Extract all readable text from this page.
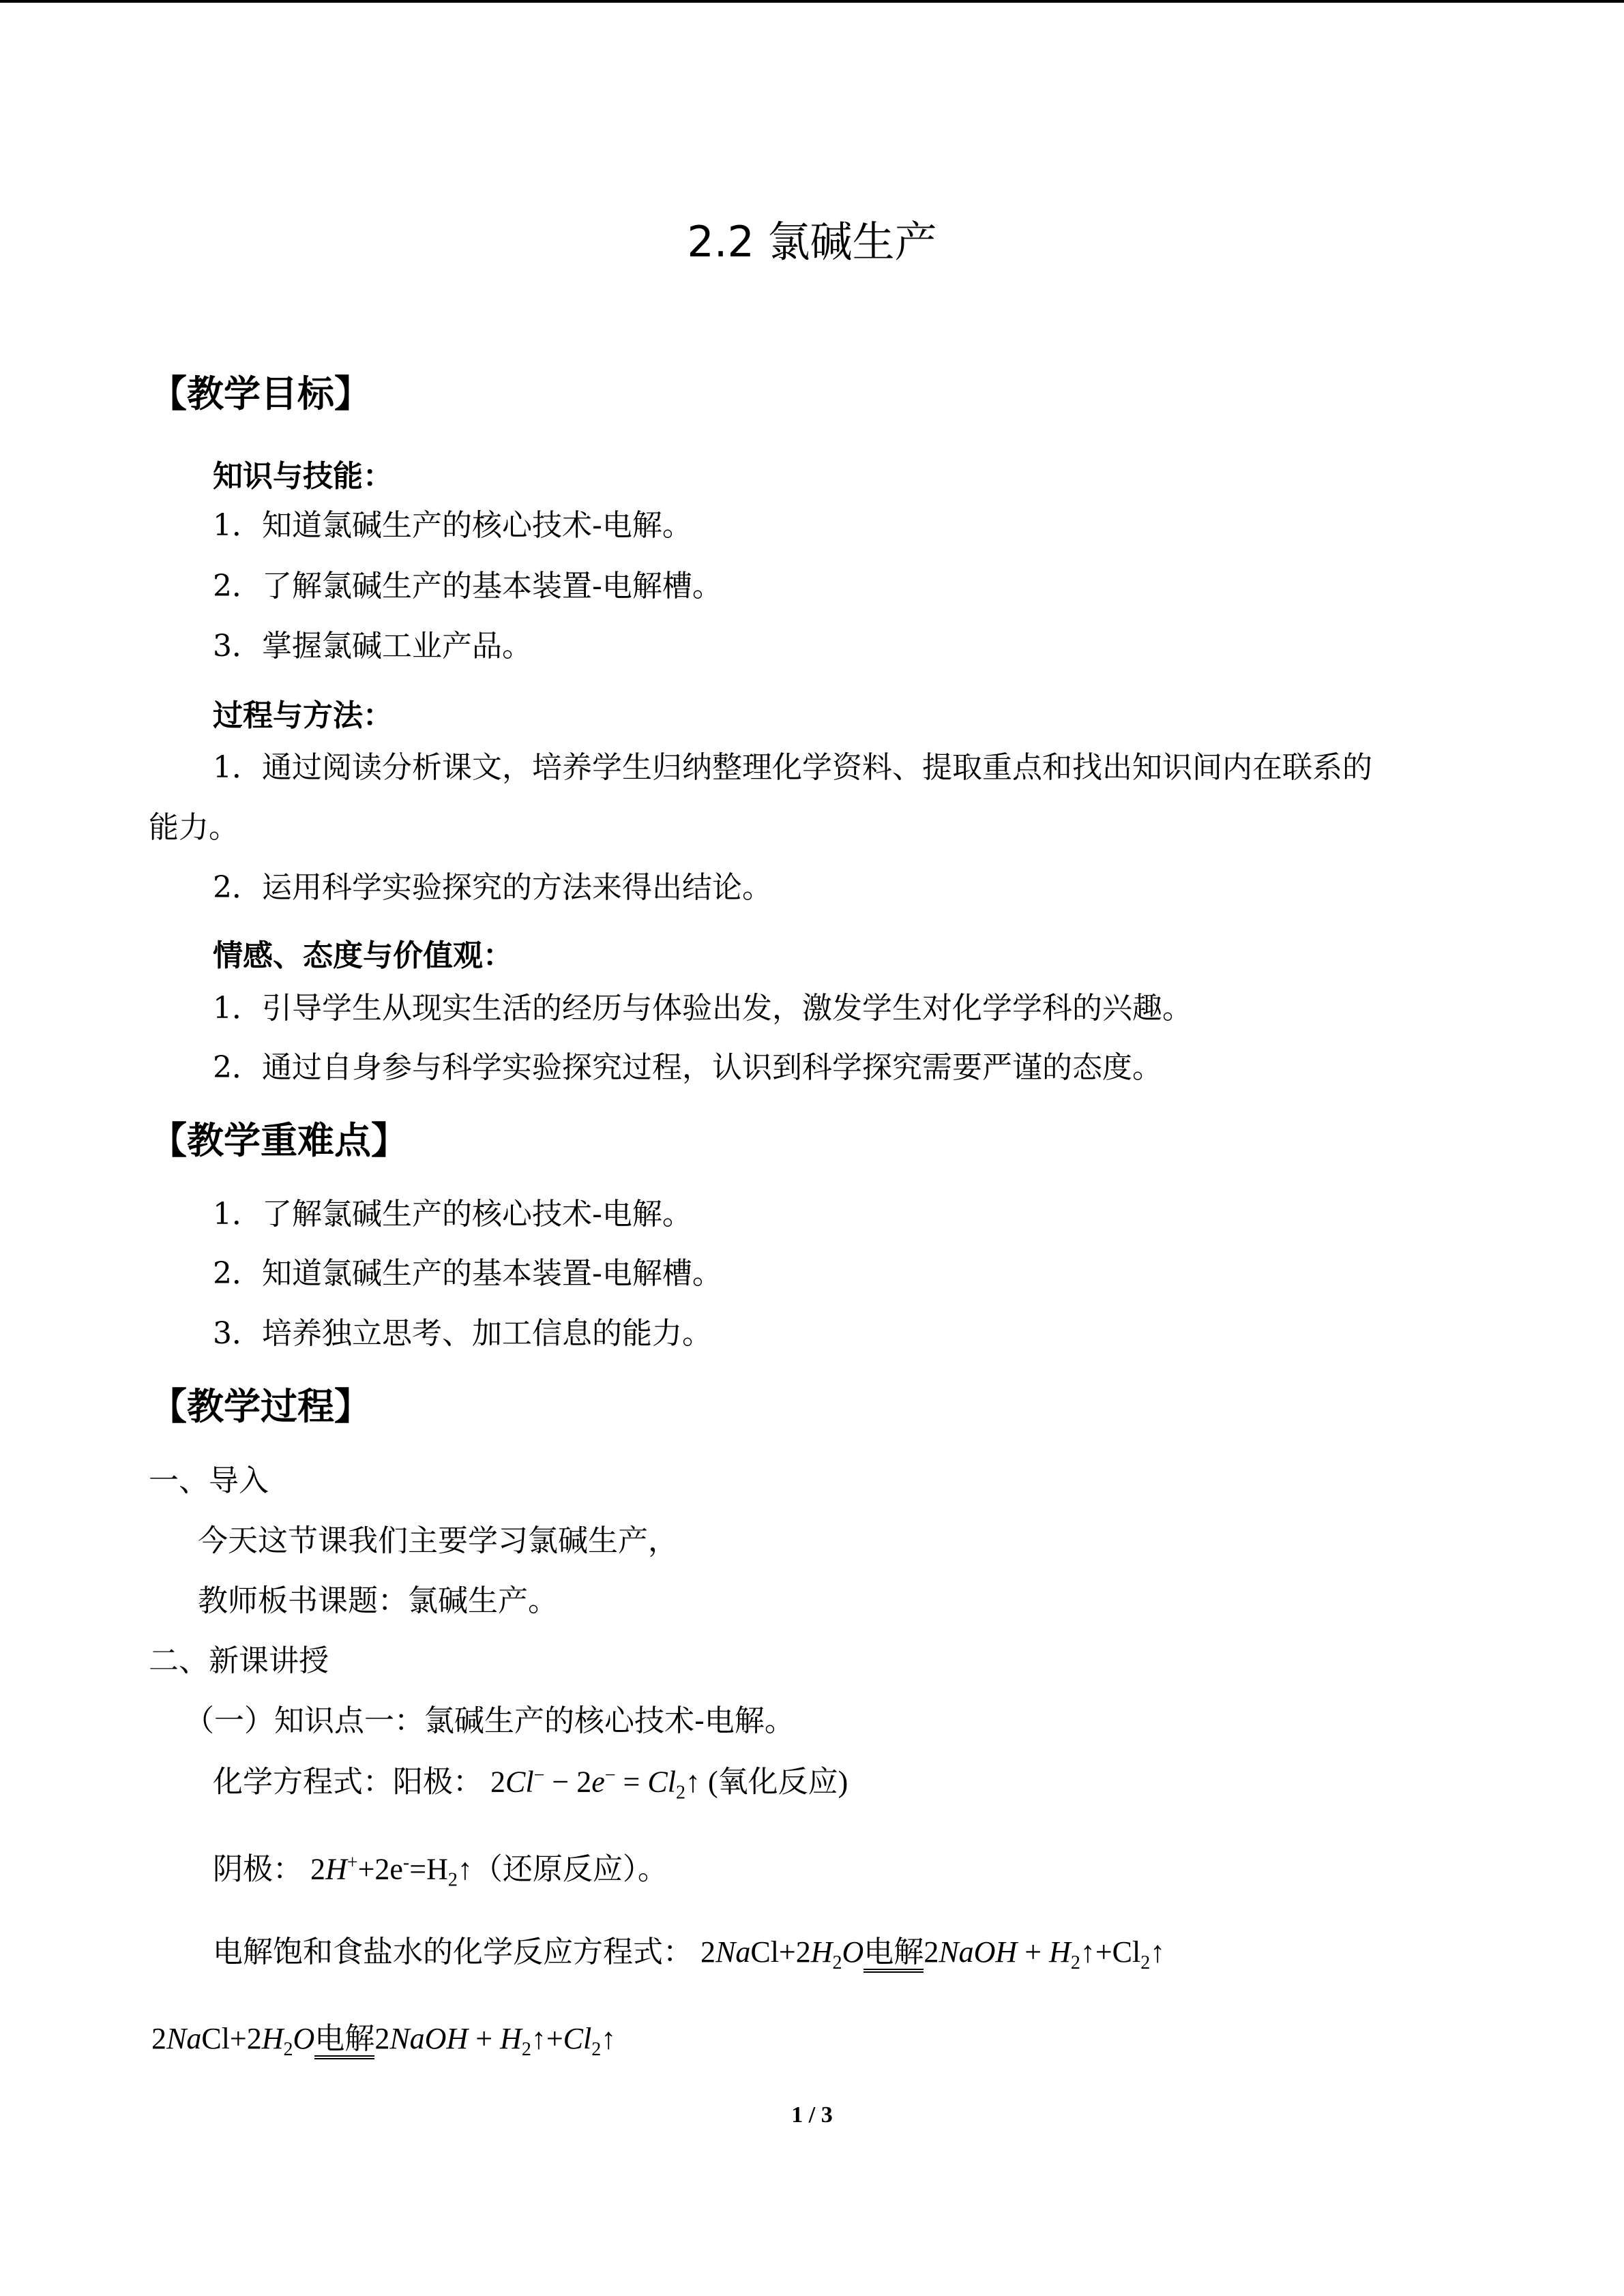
2.2 氯碱生产
【教学目标】
知识与技能：
1．知道氯碱生产的核心技术-电解。
2．了解氯碱生产的基本装置-电解槽。
3．掌握氯碱工业产品。
过程与方法：
1．通过阅读分析课文，培养学生归纳整理化学资料、提取重点和找出知识间内在联系的
能力。
2．运用科学实验探究的方法来得出结论。
情感、态度与价值观：
1．引导学生从现实生活的经历与体验出发，激发学生对化学学科的兴趣。
2．通过自身参与科学实验探究过程，认识到科学探究需要严谨的态度。
【教学重难点】
1．了解氯碱生产的核心技术-电解。
2．知道氯碱生产的基本装置-电解槽。
3．培养独立思考、加工信息的能力。
【教学过程】
一、导入
今天这节课我们主要学习氯碱生产，
教师板书课题：氯碱生产。
二、新课讲授
（一）知识点一：氯碱生产的核心技术-电解。
化学方程式：阳极： $2Cl^- - 2e^- = Cl_2↑$ (氧化反应)
阴极： $2H^++2e^-=H_2↑$（还原反应）。
电解饱和食盐水的化学反应方程式： $2NaCl+2H_2O$电解2NaOH + $H_2↑+Cl_2↑$
$2NaCl+2H_2O$电解2NaOH + $H_2↑+Cl_2↑$
1 / 3
